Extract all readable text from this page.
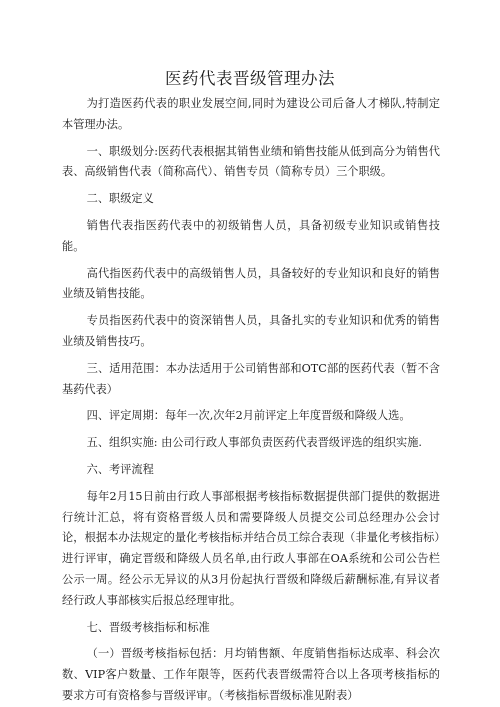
医药代表晋级管理办法

为打造医药代表的职业发展空间,同时为建设公司后备人才梯队,特制定本管理办法。

一、职级划分:医药代表根据其销售业绩和销售技能从低到高分为销售代表、高级销售代表（简称高代）、销售专员（简称专员）三个职级。

二、职级定义

销售代表指医药代表中的初级销售人员，具备初级专业知识或销售技能。

高代指医药代表中的高级销售人员，具备较好的专业知识和良好的销售业绩及销售技能。

专员指医药代表中的资深销售人员，具备扎实的专业知识和优秀的销售业绩及销售技巧。

三、适用范围：本办法适用于公司销售部和OTC部的医药代表（暂不含基药代表）

四、评定周期：每年一次,次年2月前评定上年度晋级和降级人选。

五、组织实施: 由公司行政人事部负责医药代表晋级评选的组织实施.

六、考评流程

每年2月15日前由行政人事部根据考核指标数据提供部门提供的数据进行统计汇总，将有资格晋级人员和需要降级人员提交公司总经理办公会讨论，根据本办法规定的量化考核指标并结合员工综合表现（非量化考核指标）进行评审，确定晋级和降级人员名单,由行政人事部在OA系统和公司公告栏公示一周。经公示无异议的从3月份起执行晋级和降级后薪酬标准,有异议者经行政人事部核实后报总经理审批。

七、晋级考核指标和标准

（一）晋级考核指标包括：月均销售额、年度销售指标达成率、科会次数、VIP客户数量、工作年限等，医药代表晋级需符合以上各项考核指标的要求方可有资格参与晋级评审。（考核指标晋级标准见附表）
